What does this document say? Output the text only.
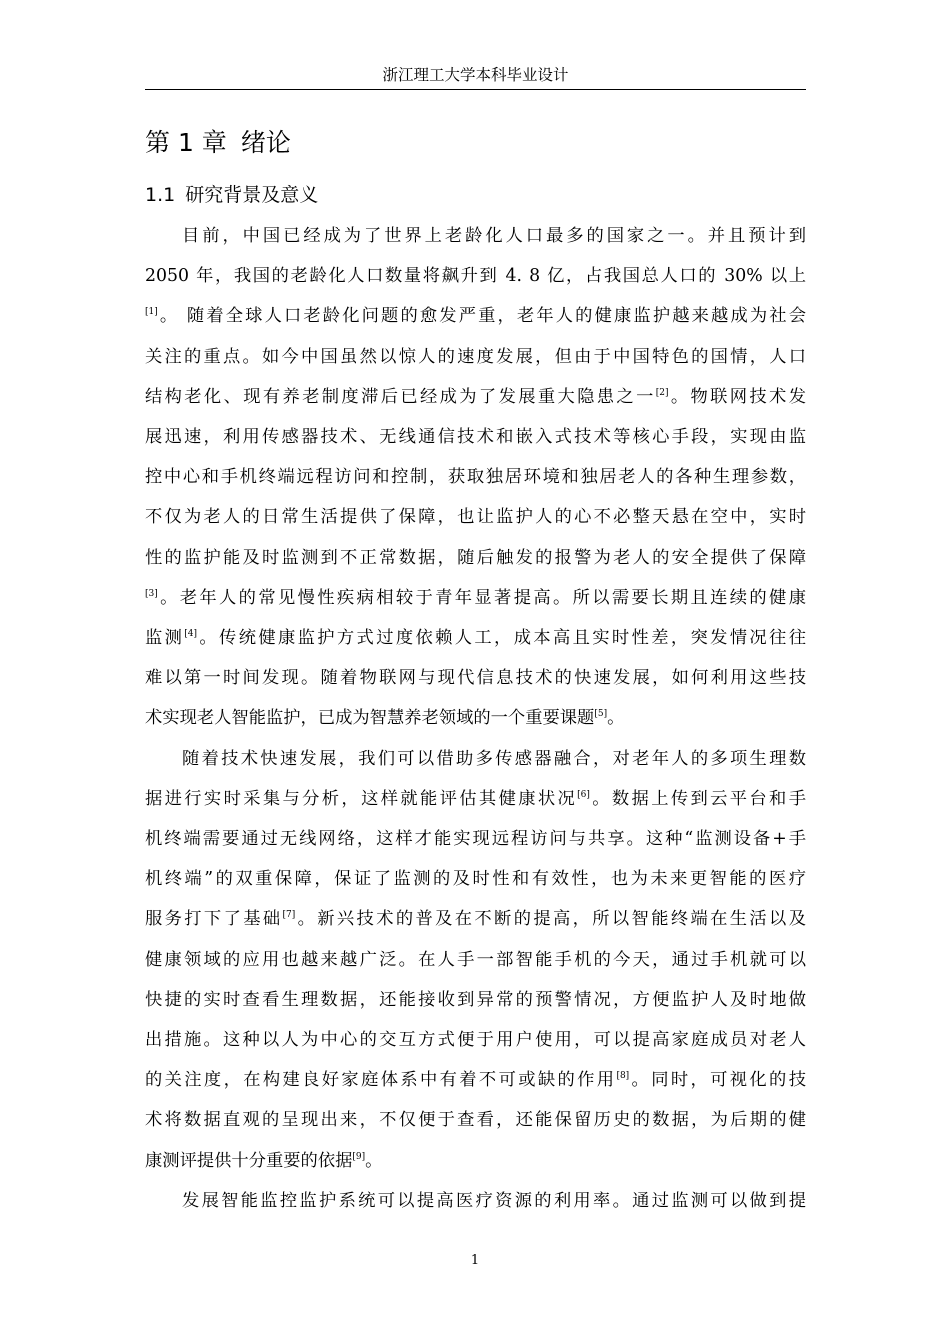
浙江理工大学本科毕业设计
第 1 章 绪论
1.1 研究背景及意义
目前，中国已经成为了世界上老龄化人口最多的国家之一。并且预计到
2050 年，我国的老龄化人口数量将飙升到 4. 8 亿，占我国总人口的 30% 以上
[1]。 随着全球人口老龄化问题的愈发严重，老年人的健康监护越来越成为社会
关注的重点。如今中国虽然以惊人的速度发展，但由于中国特色的国情，人口
结构老化、现有养老制度滞后已经成为了发展重大隐患之一[2]。物联网技术发
展迅速，利用传感器技术、无线通信技术和嵌入式技术等核心手段，实现由监
控中心和手机终端远程访问和控制，获取独居环境和独居老人的各种生理参数，
不仅为老人的日常生活提供了保障，也让监护人的心不必整天悬在空中，实时
性的监护能及时监测到不正常数据，随后触发的报警为老人的安全提供了保障
[3]。老年人的常见慢性疾病相较于青年显著提高。所以需要长期且连续的健康
监测[4]。传统健康监护方式过度依赖人工，成本高且实时性差，突发情况往往
难以第一时间发现。随着物联网与现代信息技术的快速发展，如何利用这些技
术实现老人智能监护，已成为智慧养老领域的一个重要课题[5]。
随着技术快速发展，我们可以借助多传感器融合，对老年人的多项生理数
据进行实时采集与分析，这样就能评估其健康状况[6]。数据上传到云平台和手
机终端需要通过无线网络，这样才能实现远程访问与共享。这种“监测设备+手
机终端”的双重保障，保证了监测的及时性和有效性，也为未来更智能的医疗
服务打下了基础[7]。新兴技术的普及在不断的提高，所以智能终端在生活以及
健康领域的应用也越来越广泛。在人手一部智能手机的今天，通过手机就可以
快捷的实时查看生理数据，还能接收到异常的预警情况，方便监护人及时地做
出措施。这种以人为中心的交互方式便于用户使用，可以提高家庭成员对老人
的关注度，在构建良好家庭体系中有着不可或缺的作用[8]。同时，可视化的技
术将数据直观的呈现出来，不仅便于查看，还能保留历史的数据，为后期的健
康测评提供十分重要的依据[9]。
发展智能监控监护系统可以提高医疗资源的利用率。通过监测可以做到提
1
